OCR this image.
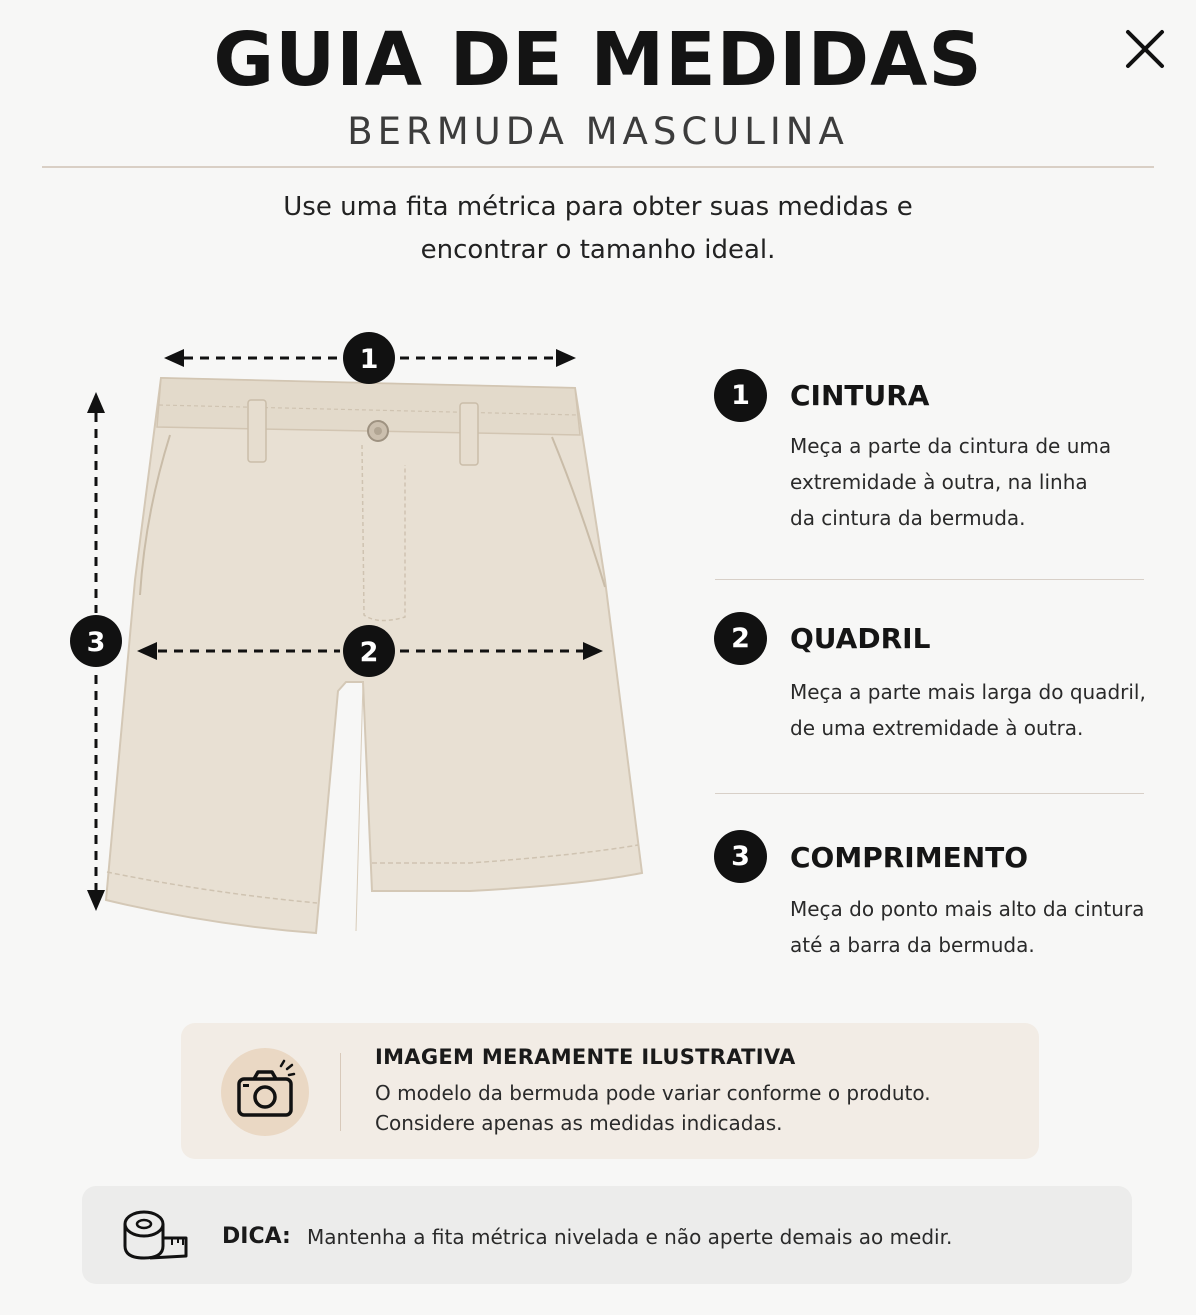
GUIA DE MEDIDAS
BERMUDA MASCULINA
Use uma fita métrica para obter suas medidas e
encontrar o tamanho ideal.
1
2
3
1	CINTURA
Meça a parte da cintura de uma
extremidade à outra, na linha
da cintura da bermuda.
2	QUADRIL
Meça a parte mais larga do quadril,
de uma extremidade à outra.
3	COMPRIMENTO
Meça do ponto mais alto da cintura
até a barra da bermuda.
IMAGEM MERAMENTE ILUSTRATIVA
O modelo da bermuda pode variar conforme o produto.
Considere apenas as medidas indicadas.
DICA: Mantenha a fita métrica nivelada e não aperte demais ao medir.
